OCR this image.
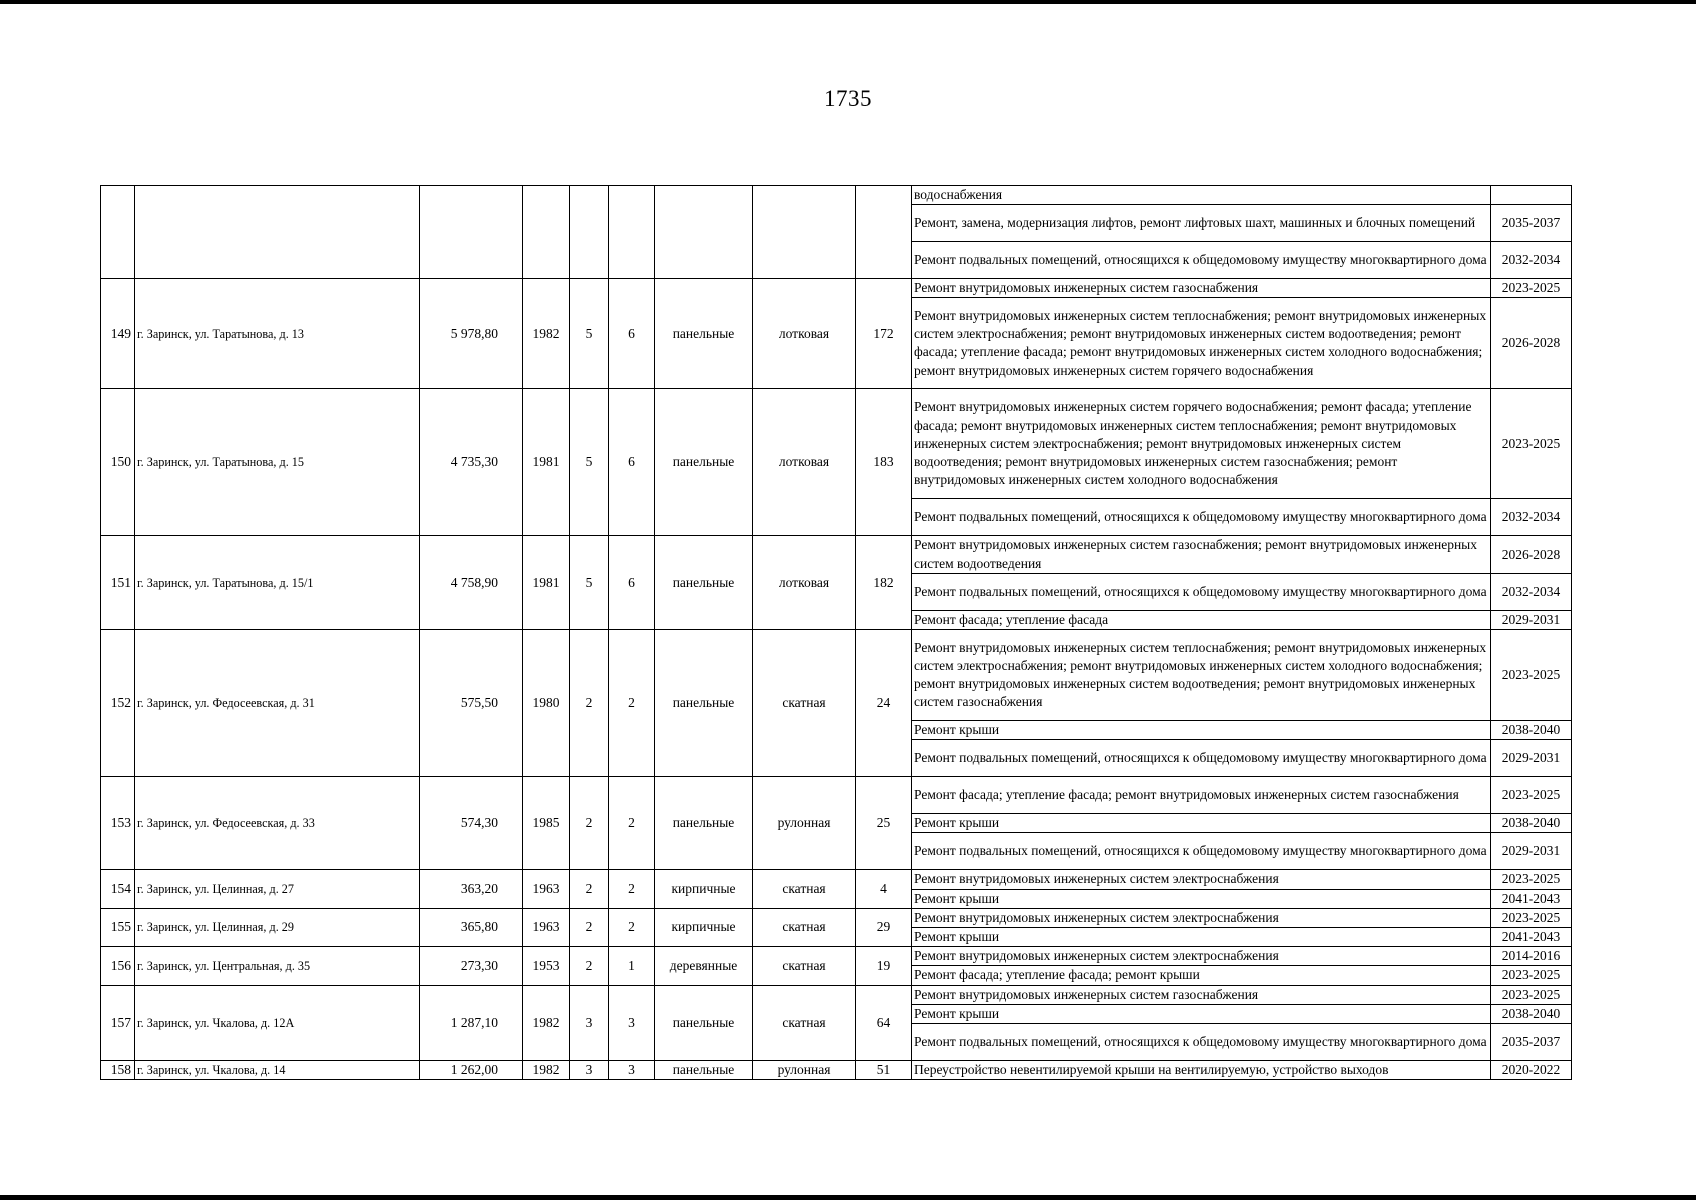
1735
									водоснабжения	
									Ремонт, замена, модернизация лифтов, ремонт лифтовых шахт, машинных и блочных помещений	2035-2037
									Ремонт подвальных помещений, относящихся к общедомовому имуществу многоквартирного дома	2032-2034
149	г. Заринск, ул. Таратынова, д. 13	5 978,80	1982	5	6	панельные	лотковая	172	Ремонт внутридомовых инженерных систем газоснабжения	2023-2025
									Ремонт внутридомовых инженерных систем теплоснабжения; ремонт внутридомовых инженерных систем электроснабжения; ремонт внутридомовых инженерных систем водоотведения; ремонт фасада; утепление фасада; ремонт внутридомовых инженерных систем холодного водоснабжения; ремонт внутридомовых инженерных систем горячего водоснабжения	2026-2028
150	г. Заринск, ул. Таратынова, д. 15	4 735,30	1981	5	6	панельные	лотковая	183	Ремонт внутридомовых инженерных систем горячего водоснабжения; ремонт фасада; утепление фасада; ремонт внутридомовых инженерных систем теплоснабжения; ремонт внутридомовых инженерных систем электроснабжения; ремонт внутридомовых инженерных систем водоотведения; ремонт внутридомовых инженерных систем газоснабжения; ремонт внутридомовых инженерных систем холодного водоснабжения	2023-2025
									Ремонт подвальных помещений, относящихся к общедомовому имуществу многоквартирного дома	2032-2034
151	г. Заринск, ул. Таратынова, д. 15/1	4 758,90	1981	5	6	панельные	лотковая	182	Ремонт внутридомовых инженерных систем газоснабжения; ремонт внутридомовых инженерных систем водоотведения	2026-2028
									Ремонт подвальных помещений, относящихся к общедомовому имуществу многоквартирного дома	2032-2034
									Ремонт фасада; утепление фасада	2029-2031
152	г. Заринск, ул. Федосеевская, д. 31	575,50	1980	2	2	панельные	скатная	24	Ремонт внутридомовых инженерных систем теплоснабжения; ремонт внутридомовых инженерных систем электроснабжения; ремонт внутридомовых инженерных систем холодного водоснабжения; ремонт внутридомовых инженерных систем водоотведения; ремонт внутридомовых инженерных систем газоснабжения	2023-2025
									Ремонт крыши	2038-2040
									Ремонт подвальных помещений, относящихся к общедомовому имуществу многоквартирного дома	2029-2031
153	г. Заринск, ул. Федосеевская, д. 33	574,30	1985	2	2	панельные	рулонная	25	Ремонт фасада; утепление фасада; ремонт внутридомовых инженерных систем газоснабжения	2023-2025
									Ремонт крыши	2038-2040
									Ремонт подвальных помещений, относящихся к общедомовому имуществу многоквартирного дома	2029-2031
154	г. Заринск, ул. Целинная, д. 27	363,20	1963	2	2	кирпичные	скатная	4	Ремонт внутридомовых инженерных систем электроснабжения	2023-2025
									Ремонт крыши	2041-2043
155	г. Заринск, ул. Целинная, д. 29	365,80	1963	2	2	кирпичные	скатная	29	Ремонт внутридомовых инженерных систем электроснабжения	2023-2025
									Ремонт крыши	2041-2043
156	г. Заринск, ул. Центральная, д. 35	273,30	1953	2	1	деревянные	скатная	19	Ремонт внутридомовых инженерных систем электроснабжения	2014-2016
									Ремонт фасада; утепление фасада; ремонт крыши	2023-2025
157	г. Заринск, ул. Чкалова, д. 12А	1 287,10	1982	3	3	панельные	скатная	64	Ремонт внутридомовых инженерных систем газоснабжения	2023-2025
									Ремонт крыши	2038-2040
									Ремонт подвальных помещений, относящихся к общедомовому имуществу многоквартирного дома	2035-2037
158	г. Заринск, ул. Чкалова, д. 14	1 262,00	1982	3	3	панельные	рулонная	51	Переустройство невентилируемой крыши на вентилируемую, устройство выходов	2020-2022
